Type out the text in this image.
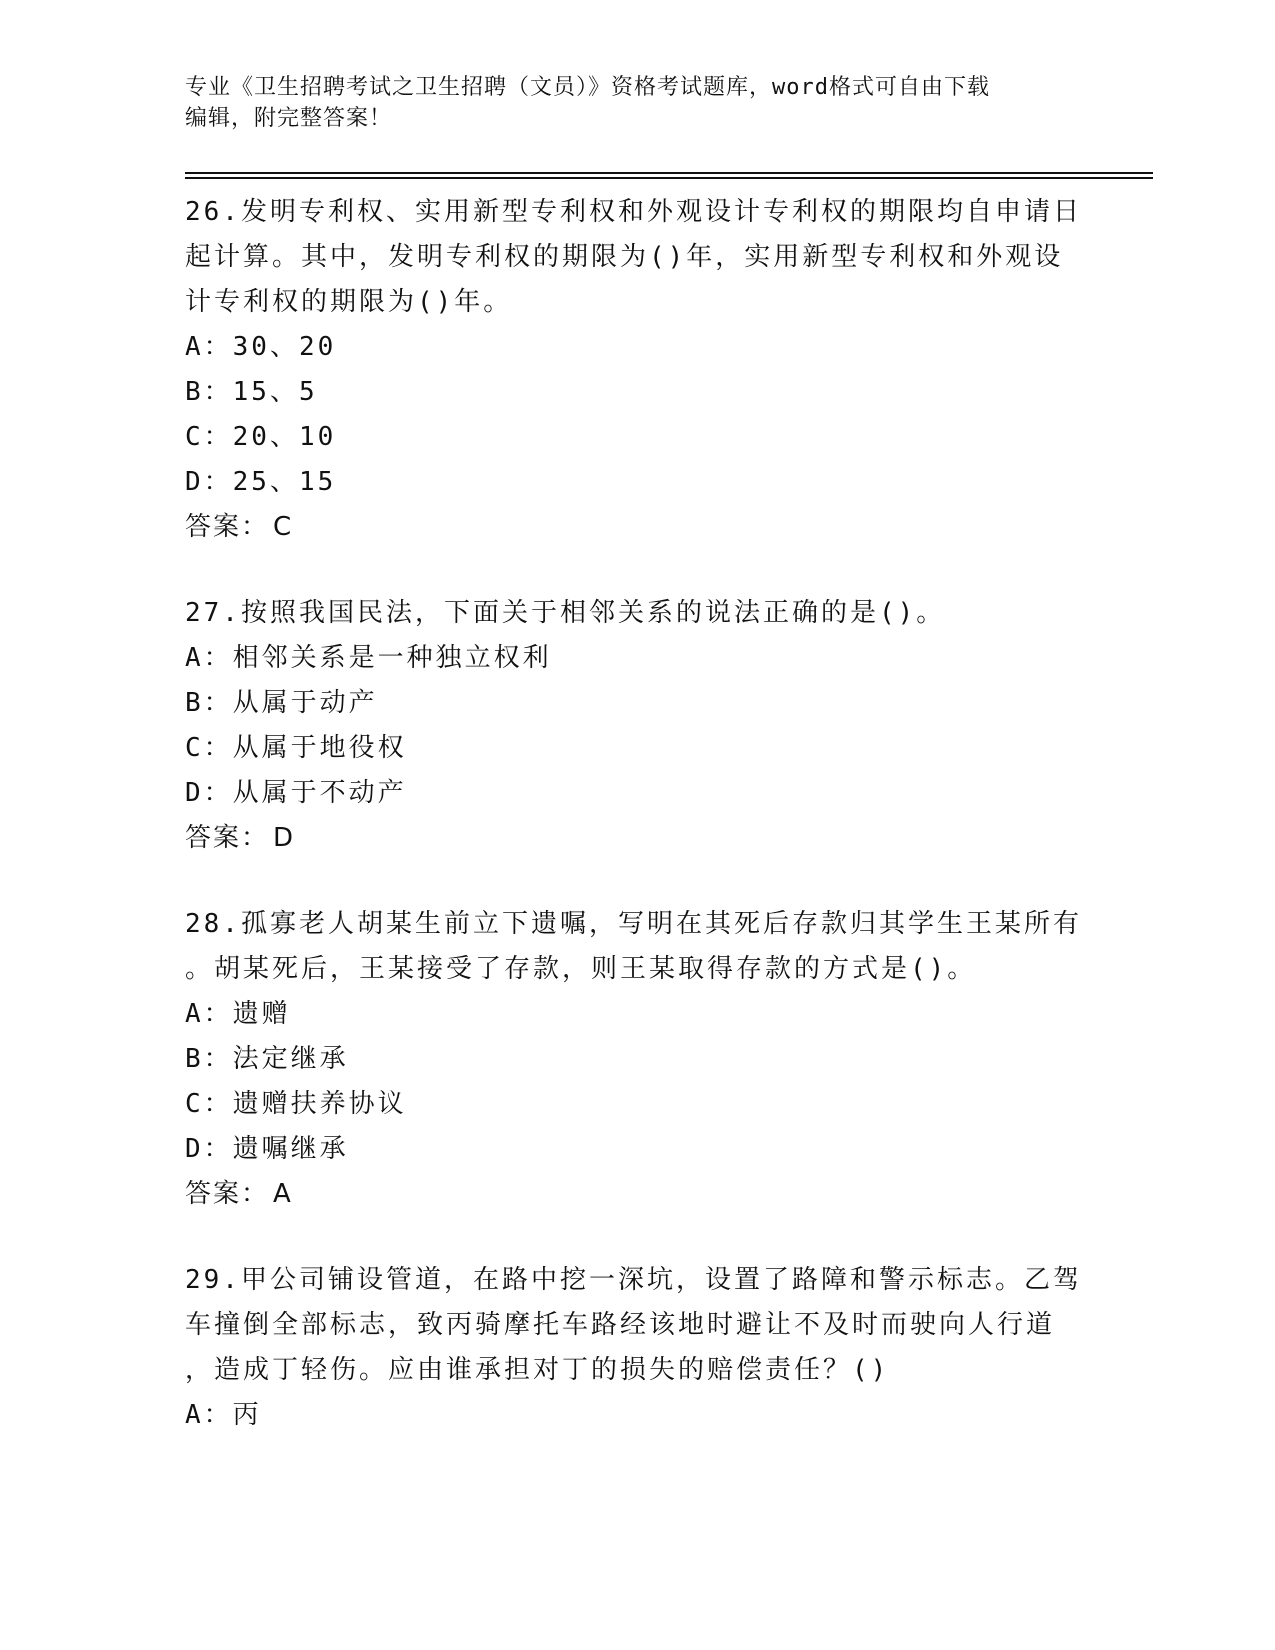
专业《卫生招聘考试之卫生招聘（文员）》资格考试题库，word格式可自由下载
编辑，附完整答案！
26.发明专利权、实用新型专利权和外观设计专利权的期限均自申请日
起计算。其中，发明专利权的期限为()年，实用新型专利权和外观设
计专利权的期限为()年。
A：30、20
B：15、5
C：20、10
D：25、15
答案： C
27.按照我国民法，下面关于相邻关系的说法正确的是()。
A：相邻关系是一种独立权利
B：从属于动产
C：从属于地役权
D：从属于不动产
答案： D
28.孤寡老人胡某生前立下遗嘱，写明在其死后存款归其学生王某所有
。胡某死后，王某接受了存款，则王某取得存款的方式是()。
A：遗赠
B：法定继承
C：遗赠扶养协议
D：遗嘱继承
答案： A
29.甲公司铺设管道，在路中挖一深坑，设置了路障和警示标志。乙驾
车撞倒全部标志，致丙骑摩托车路经该地时避让不及时而驶向人行道
，造成丁轻伤。应由谁承担对丁的损失的赔偿责任？()
A：丙
